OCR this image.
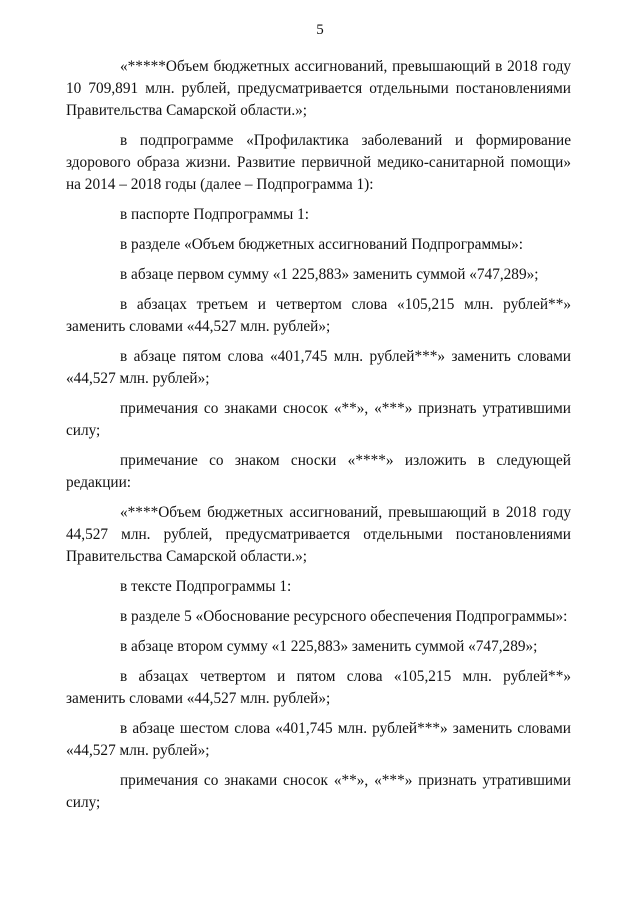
5

«*****Объем бюджетных ассигнований, превышающий в 2018 году 10 709,891 млн. рублей, предусматривается отдельными постановлениями Правительства Самарской области.»;

в подпрограмме «Профилактика заболеваний и формирование здорового образа жизни. Развитие первичной медико-санитарной помощи» на 2014 – 2018 годы (далее – Подпрограмма 1):

в паспорте Подпрограммы 1:

в разделе «Объем бюджетных ассигнований Подпрограммы»:

в абзаце первом сумму «1 225,883» заменить суммой «747,289»;

в абзацах третьем и четвертом слова «105,215 млн. рублей**» заменить словами «44,527 млн. рублей»;

в абзаце пятом слова «401,745 млн. рублей***» заменить словами «44,527 млн. рублей»;

примечания со знаками сносок «**», «***» признать утратившими силу;

примечание со знаком сноски «****» изложить в следующей редакции:

«****Объем бюджетных ассигнований, превышающий в 2018 году 44,527 млн. рублей, предусматривается отдельными постановлениями Правительства Самарской области.»;

в тексте Подпрограммы 1:

в разделе 5 «Обоснование ресурсного обеспечения Подпрограммы»:

в абзаце втором сумму «1 225,883» заменить суммой «747,289»;

в абзацах четвертом и пятом слова «105,215 млн. рублей**» заменить словами «44,527 млн. рублей»;

в абзаце шестом слова «401,745 млн. рублей***» заменить словами «44,527 млн. рублей»;

примечания со знаками сносок «**», «***» признать утратившими силу;
